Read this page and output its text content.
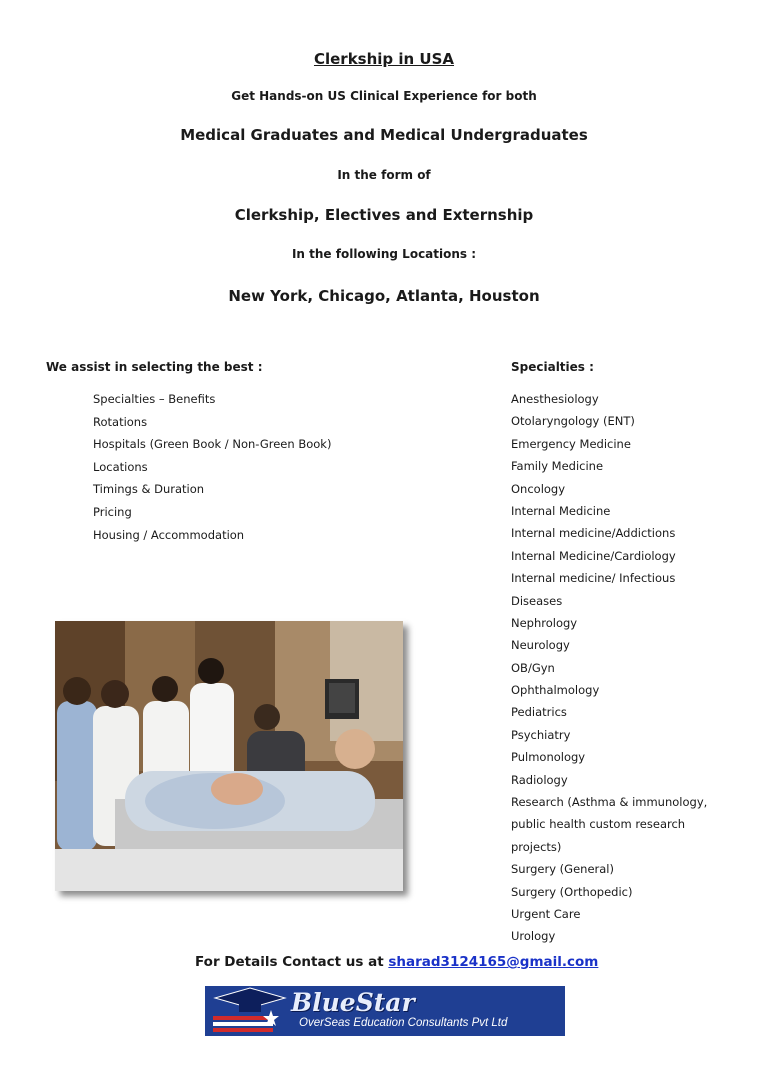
Clerkship in USA
Get Hands-on US Clinical Experience for both
Medical Graduates and Medical Undergraduates
In the form of
Clerkship, Electives and Externship
In the following Locations :
New York, Chicago, Atlanta, Houston
We assist in selecting the best :
Specialties – Benefits
Rotations
Hospitals (Green Book / Non-Green Book)
Locations
Timings & Duration
Pricing
Housing / Accommodation
Specialties :
Anesthesiology
Otolaryngology (ENT)
Emergency Medicine
Family Medicine
Oncology
Internal Medicine
Internal medicine/Addictions
Internal Medicine/Cardiology
Internal medicine/ Infectious
Diseases
Nephrology
Neurology
OB/Gyn
Ophthalmology
Pediatrics
Psychiatry
Pulmonology
Radiology
Research (Asthma & immunology,
public health custom research
projects)
Surgery (General)
Surgery (Orthopedic)
Urgent Care
Urology
For Details Contact us at sharad3124165@gmail.com
BlueStar
OverSeas Education Consultants Pvt Ltd
